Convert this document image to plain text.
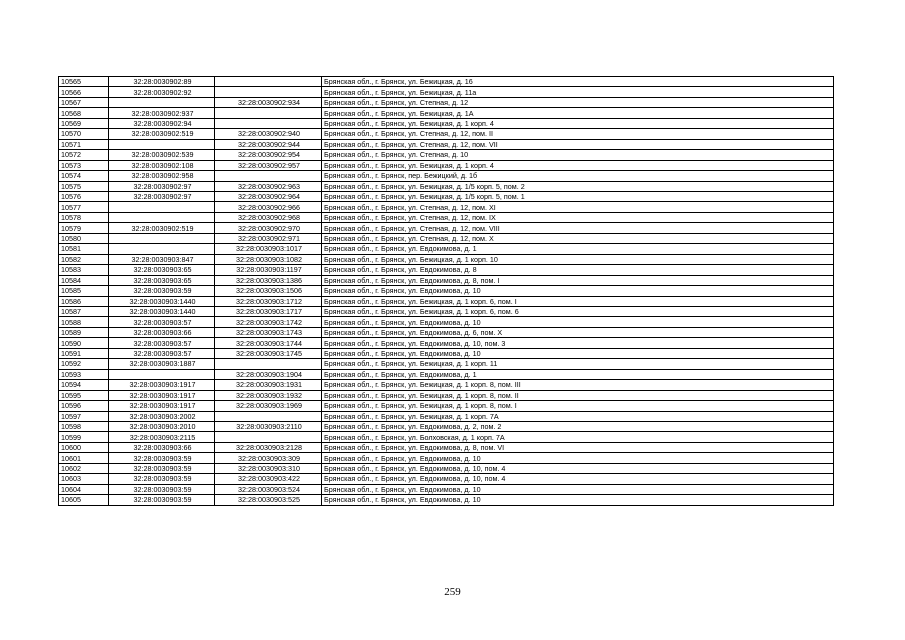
10565	32:28:0030902:89		Брянская обл., г. Брянск, ул. Бежицкая, д. 16
10566	32:28:0030902:92		Брянская обл., г. Брянск, ул. Бежицкая, д. 11а
10567		32:28:0030902:934	Брянская обл., г. Брянск, ул. Степная, д. 12
10568	32:28:0030902:937		Брянская обл., г. Брянск, ул. Бежицкая, д. 1А
10569	32:28:0030902:94		Брянская обл., г. Брянск, ул. Бежицкая, д. 1 корп. 4
10570	32:28:0030902:519	32:28:0030902:940	Брянская обл., г. Брянск, ул. Степная, д. 12, пом. II
10571		32:28:0030902:944	Брянская обл., г. Брянск, ул. Степная, д. 12, пом. VII
10572	32:28:0030902:539	32:28:0030902:954	Брянская обл., г. Брянск, ул. Степная, д. 10
10573	32:28:0030902:108	32:28:0030902:957	Брянская обл., г. Брянск, ул. Бежицкая, д. 1 корп. 4
10574	32:28:0030902:958		Брянская обл., г. Брянск, пер. Бежицкий, д. 1б
10575	32:28:0030902:97	32:28:0030902:963	Брянская обл., г. Брянск, ул. Бежицкая, д. 1/5 корп. 5, пом. 2
10576	32:28:0030902:97	32:28:0030902:964	Брянская обл., г. Брянск, ул. Бежицкая, д. 1/5 корп. 5, пом. 1
10577		32:28:0030902:966	Брянская обл., г. Брянск, ул. Степная, д. 12, пом. XI
10578		32:28:0030902:968	Брянская обл., г. Брянск, ул. Степная, д. 12, пом. IX
10579	32:28:0030902:519	32:28:0030902:970	Брянская обл., г. Брянск, ул. Степная, д. 12, пом. VIII
10580		32:28:0030902:971	Брянская обл., г. Брянск, ул. Степная, д. 12, пом. X
10581		32:28:0030903:1017	Брянская обл., г. Брянск, ул. Евдокимова, д. 1
10582	32:28:0030903:847	32:28:0030903:1082	Брянская обл., г. Брянск, ул. Бежицкая, д. 1 корп. 10
10583	32:28:0030903:65	32:28:0030903:1197	Брянская обл., г. Брянск, ул. Евдокимова, д. 8
10584	32:28:0030903:65	32:28:0030903:1386	Брянская обл., г. Брянск, ул. Евдокимова, д. 8, пом. I
10585	32:28:0030903:59	32:28:0030903:1506	Брянская обл., г. Брянск, ул. Евдокимова, д. 10
10586	32:28:0030903:1440	32:28:0030903:1712	Брянская обл., г. Брянск, ул. Бежицкая, д. 1 корп. 6, пом. I
10587	32:28:0030903:1440	32:28:0030903:1717	Брянская обл., г. Брянск, ул. Бежицкая, д. 1 корп. 6, пом. 6
10588	32:28:0030903:57	32:28:0030903:1742	Брянская обл., г. Брянск, ул. Евдокимова, д. 10
10589	32:28:0030903:66	32:28:0030903:1743	Брянская обл., г. Брянск, ул. Евдокимова, д. 6, пом. X
10590	32:28:0030903:57	32:28:0030903:1744	Брянская обл., г. Брянск, ул. Евдокимова, д. 10, пом. 3
10591	32:28:0030903:57	32:28:0030903:1745	Брянская обл., г. Брянск, ул. Евдокимова, д. 10
10592	32:28:0030903:1887		Брянская обл., г. Брянск, ул. Бежицкая, д. 1 корп. 11
10593		32:28:0030903:1904	Брянская обл., г. Брянск, ул. Евдокимова, д. 1
10594	32:28:0030903:1917	32:28:0030903:1931	Брянская обл., г. Брянск, ул. Бежицкая, д. 1 корп. 8, пом. III
10595	32:28:0030903:1917	32:28:0030903:1932	Брянская обл., г. Брянск, ул. Бежицкая, д. 1 корп. 8, пом. II
10596	32:28:0030903:1917	32:28:0030903:1969	Брянская обл., г. Брянск, ул. Бежицкая, д. 1 корп. 8, пом. I
10597	32:28:0030903:2002		Брянская обл., г. Брянск, ул. Бежицкая, д. 1 корп. 7А
10598	32:28:0030903:2010	32:28:0030903:2110	Брянская обл., г. Брянск, ул. Евдокимова, д. 2, пом. 2
10599	32:28:0030903:2115		Брянская обл., г. Брянск, ул. Болховская, д. 1 корп. 7А
10600	32:28:0030903:66	32:28:0030903:2128	Брянская обл., г. Брянск, ул. Евдокимова, д. 8, пом. VI
10601	32:28:0030903:59	32:28:0030903:309	Брянская обл., г. Брянск, ул. Евдокимова, д. 10
10602	32:28:0030903:59	32:28:0030903:310	Брянская обл., г. Брянск, ул. Евдокимова, д. 10, пом. 4
10603	32:28:0030903:59	32:28:0030903:422	Брянская обл., г. Брянск, ул. Евдокимова, д. 10, пом. 4
10604	32:28:0030903:59	32:28:0030903:524	Брянская обл., г. Брянск, ул. Евдокимова, д. 10
10605	32:28:0030903:59	32:28:0030903:525	Брянская обл., г. Брянск, ул. Евдокимова, д. 10
259
